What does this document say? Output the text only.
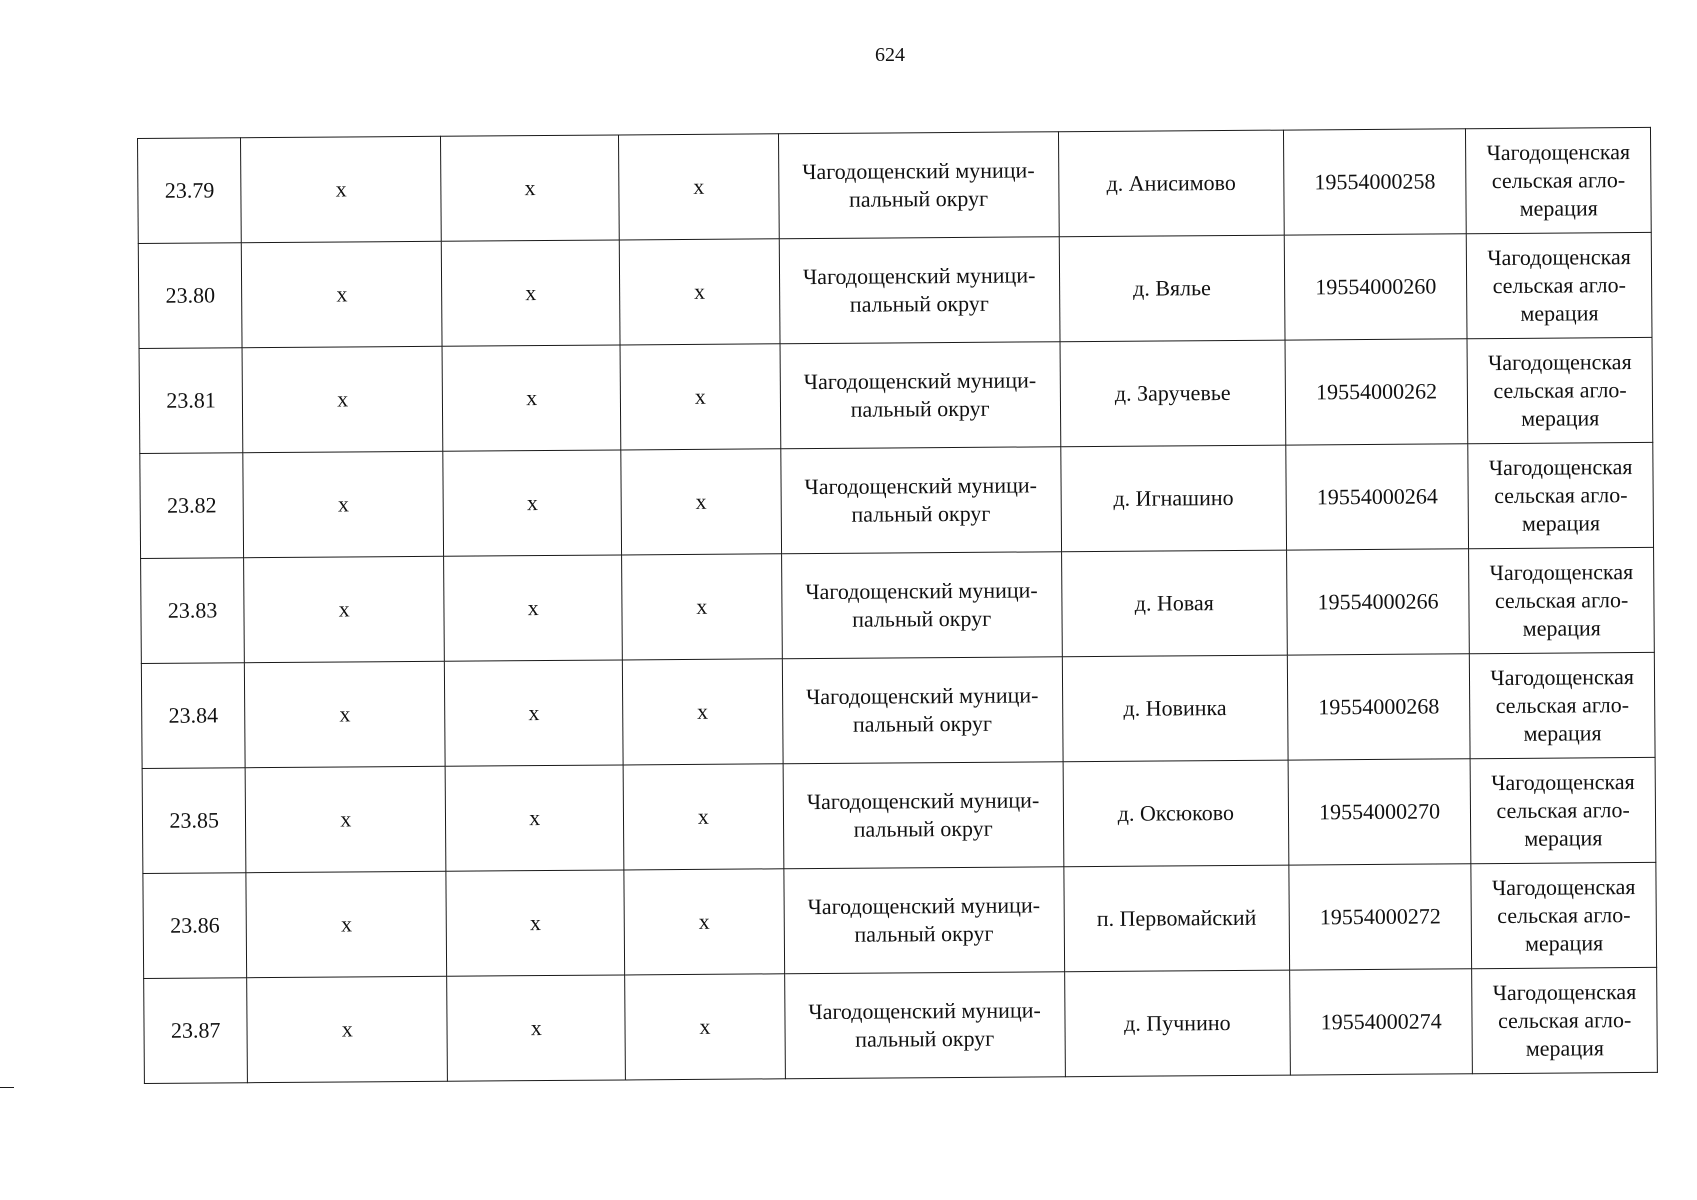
624
23.79	x	x	x	Чагодощенский муници-
пальный округ	д. Анисимово	19554000258	Чагодощенская
сельская агло-
мерация

23.80	x	x	x	Чагодощенский муници-
пальный округ	д. Вялье	19554000260	Чагодощенская
сельская агло-
мерация

23.81	x	x	x	Чагодощенский муници-
пальный округ	д. Заручевье	19554000262	Чагодощенская
сельская агло-
мерация

23.82	x	x	x	Чагодощенский муници-
пальный округ	д. Игнашино	19554000264	Чагодощенская
сельская агло-
мерация

23.83	x	x	x	Чагодощенский муници-
пальный округ	д. Новая	19554000266	Чагодощенская
сельская агло-
мерация

23.84	x	x	x	Чагодощенский муници-
пальный округ	д. Новинка	19554000268	Чагодощенская
сельская агло-
мерация

23.85	x	x	x	Чагодощенский муници-
пальный округ	д. Оксюково	19554000270	Чагодощенская
сельская агло-
мерация

23.86	x	x	x	Чагодощенский муници-
пальный округ	п. Первомайский	19554000272	Чагодощенская
сельская агло-
мерация

23.87	x	x	x	Чагодощенский муници-
пальный округ	д. Пучнино	19554000274	Чагодощенская
сельская агло-
мерация
